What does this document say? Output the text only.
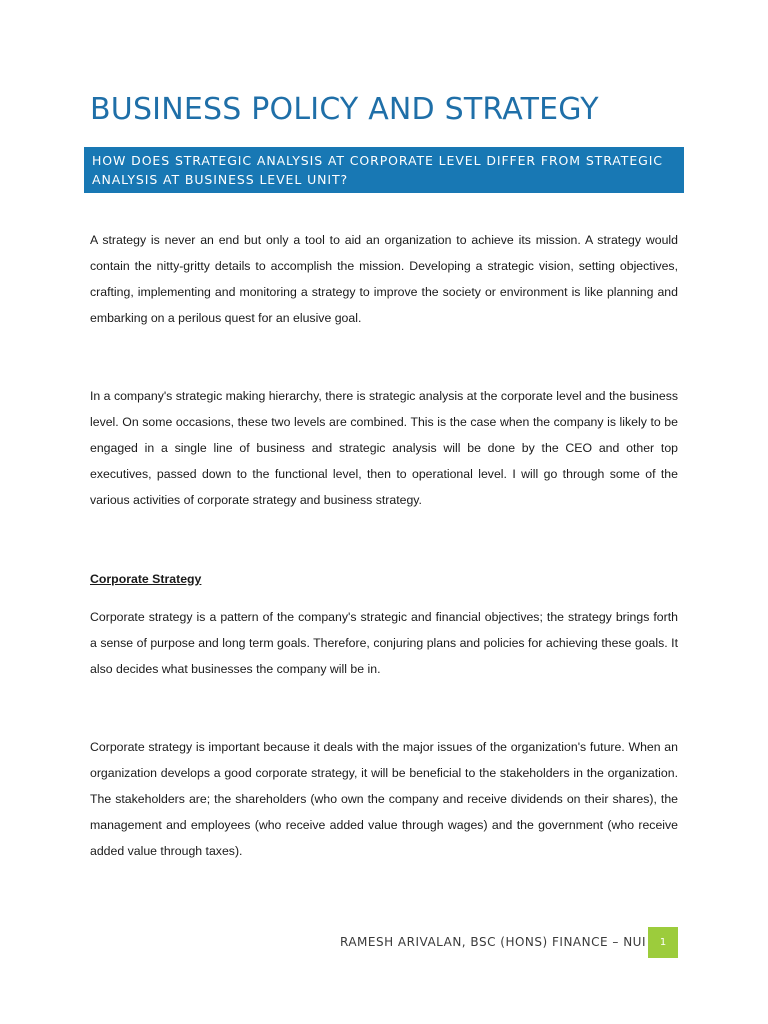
BUSINESS POLICY AND STRATEGY
HOW DOES STRATEGIC ANALYSIS AT CORPORATE LEVEL DIFFER FROM STRATEGIC ANALYSIS AT BUSINESS LEVEL UNIT?

A strategy is never an end but only a tool to aid an organization to achieve its mission. A strategy would contain the nitty-gritty details to accomplish the mission. Developing a strategic vision, setting objectives, crafting, implementing and monitoring a strategy to improve the society or environment is like planning and embarking on a perilous quest for an elusive goal.

In a company's strategic making hierarchy, there is strategic analysis at the corporate level and the business level. On some occasions, these two levels are combined. This is the case when the company is likely to be engaged in a single line of business and strategic analysis will be done by the CEO and other top executives, passed down to the functional level, then to operational level. I will go through some of the various activities of corporate strategy and business strategy.

Corporate Strategy

Corporate strategy is a pattern of the company's strategic and financial objectives; the strategy brings forth a sense of purpose and long term goals. Therefore, conjuring plans and policies for achieving these goals. It also decides what businesses the company will be in.

Corporate strategy is important because it deals with the major issues of the organization's future. When an organization develops a good corporate strategy, it will be beneficial to the stakeholders in the organization. The stakeholders are; the shareholders (who own the company and receive dividends on their shares), the management and employees (who receive added value through wages) and the government (who receive added value through taxes).

RAMESH ARIVALAN, BSC (HONS) FINANCE – NUI	1
